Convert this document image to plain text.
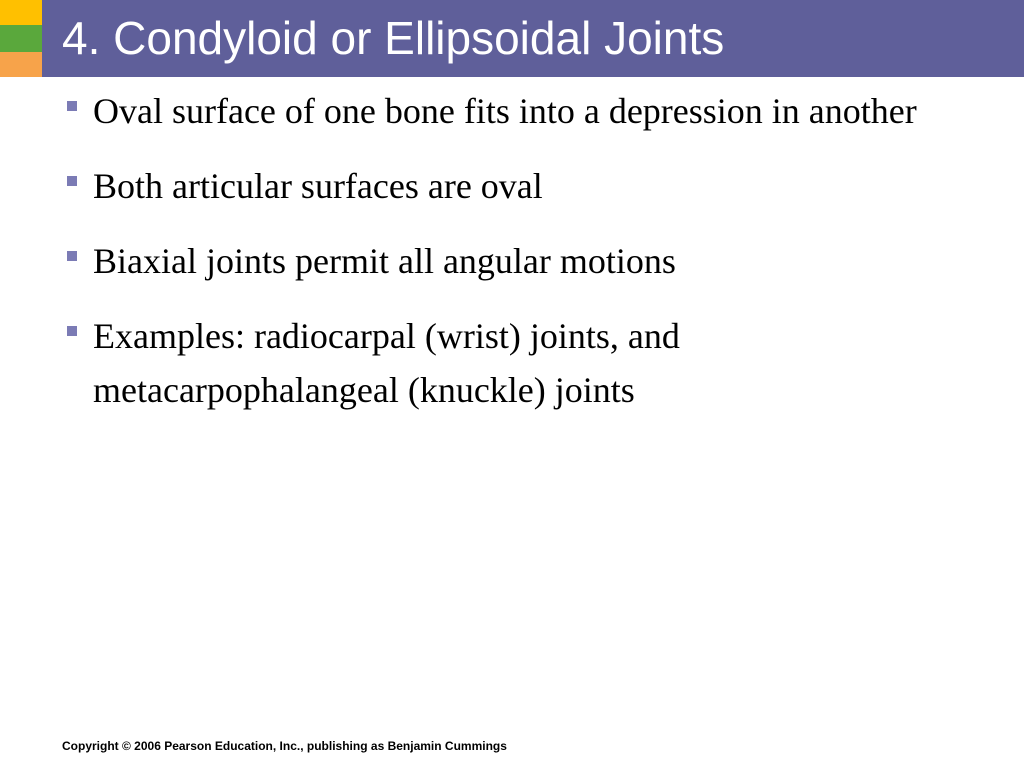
4. Condyloid or Ellipsoidal Joints
Oval surface of one bone fits into a depression in another
Both articular surfaces are oval
Biaxial joints permit all angular motions
Examples: radiocarpal (wrist) joints, and metacarpophalangeal (knuckle) joints
Copyright © 2006 Pearson Education, Inc., publishing as Benjamin Cummings
